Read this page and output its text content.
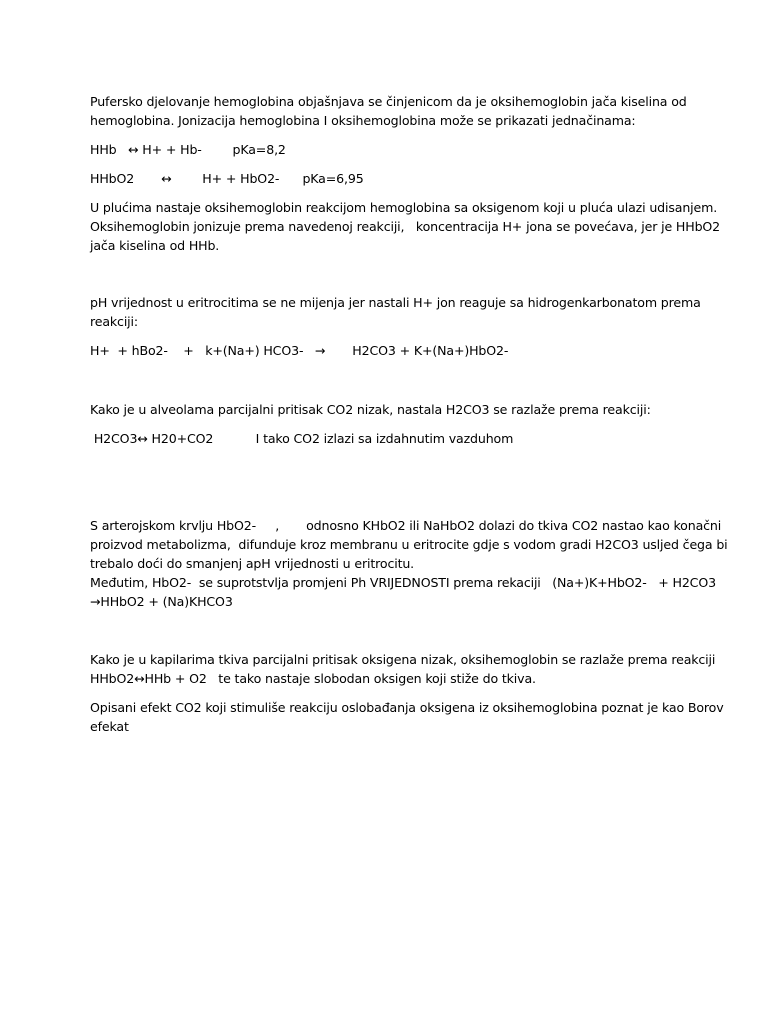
Pufersko djelovanje hemoglobina objašnjava se činjenicom da je oksihemoglobin jača kiselina od
hemoglobina. Jonizacija hemoglobina I oksihemoglobina može se prikazati jednačinama:
HHb   ↔ H+ + Hb-        pKa=8,2
HHbO2       ↔        H+ + HbO2-      pKa=6,95
U plućima nastaje oksihemoglobin reakcijom hemoglobina sa oksigenom koji u pluća ulazi udisanjem.
Oksihemoglobin jonizuje prema navedenoj reakciji,   koncentracija H+ jona se povećava, jer je HHbO2
jača kiselina od HHb.
pH vrijednost u eritrocitima se ne mijenja jer nastali H+ jon reaguje sa hidrogenkarbonatom prema
reakciji:
H+  + hBo2-    +   k+(Na+) HCO3-   →       H2CO3 + K+(Na+)HbO2-
Kako je u alveolama parcijalni pritisak CO2 nizak, nastala H2CO3 se razlaže prema reakciji:
H2CO3↔ H20+CO2           I tako CO2 izlazi sa izdahnutim vazduhom
S arterojskom krvlju HbO2-     ,       odnosno KHbO2 ili NaHbO2 dolazi do tkiva CO2 nastao kao konačni
proizvod metabolizma,  difunduje kroz membranu u eritrocite gdje s vodom gradi H2CO3 usljed čega bi
trebalo doći do smanjenj apH vrijednosti u eritrocitu.
Međutim, HbO2-  se suprotstvlja promjeni Ph VRIJEDNOSTI prema rekaciji   (Na+)K+HbO2-   + H2CO3
→HHbO2 + (Na)KHCO3
Kako je u kapilarima tkiva parcijalni pritisak oksigena nizak, oksihemoglobin se razlaže prema reakciji
HHbO2↔HHb + O2   te tako nastaje slobodan oksigen koji stiže do tkiva.
Opisani efekt CO2 koji stimuliše reakciju oslobađanja oksigena iz oksihemoglobina poznat je kao Borov
efekat
